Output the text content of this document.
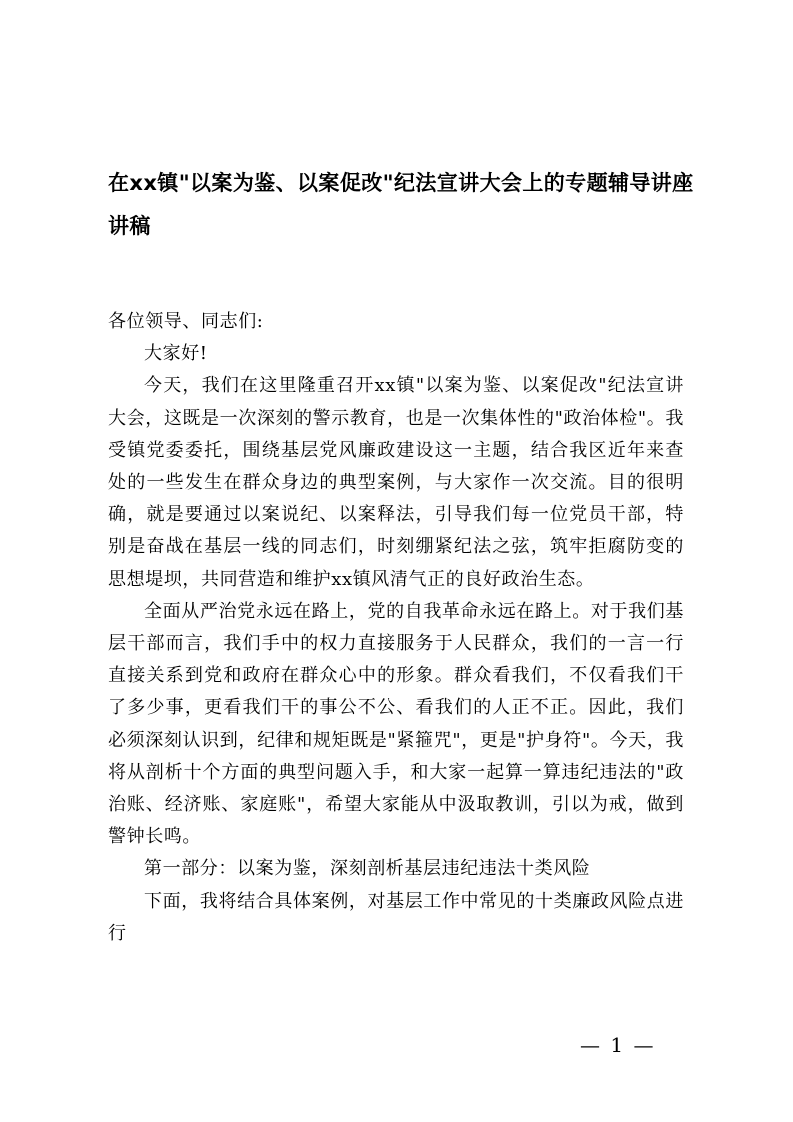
在xx镇"以案为鉴、以案促改"纪法宣讲大会上的专题辅导讲座讲稿

各位领导、同志们:

大家好!

今天，我们在这里隆重召开xx镇"以案为鉴、以案促改"纪法宣讲大会，这既是一次深刻的警示教育，也是一次集体性的"政治体检"。我受镇党委委托，围绕基层党风廉政建设这一主题，结合我区近年来查处的一些发生在群众身边的典型案例，与大家作一次交流。目的很明确，就是要通过以案说纪、以案释法，引导我们每一位党员干部，特别是奋战在基层一线的同志们，时刻绷紧纪法之弦，筑牢拒腐防变的思想堤坝，共同营造和维护xx镇风清气正的良好政治生态。

全面从严治党永远在路上，党的自我革命永远在路上。对于我们基层干部而言，我们手中的权力直接服务于人民群众，我们的一言一行直接关系到党和政府在群众心中的形象。群众看我们，不仅看我们干了多少事，更看我们干的事公不公、看我们的人正不正。因此，我们必须深刻认识到，纪律和规矩既是"紧箍咒"，更是"护身符"。今天，我将从剖析十个方面的典型问题入手，和大家一起算一算违纪违法的"政治账、经济账、家庭账"，希望大家能从中汲取教训，引以为戒，做到警钟长鸣。

第一部分：以案为鉴，深刻剖析基层违纪违法十类风险

下面，我将结合具体案例，对基层工作中常见的十类廉政风险点进行

— 1 —
